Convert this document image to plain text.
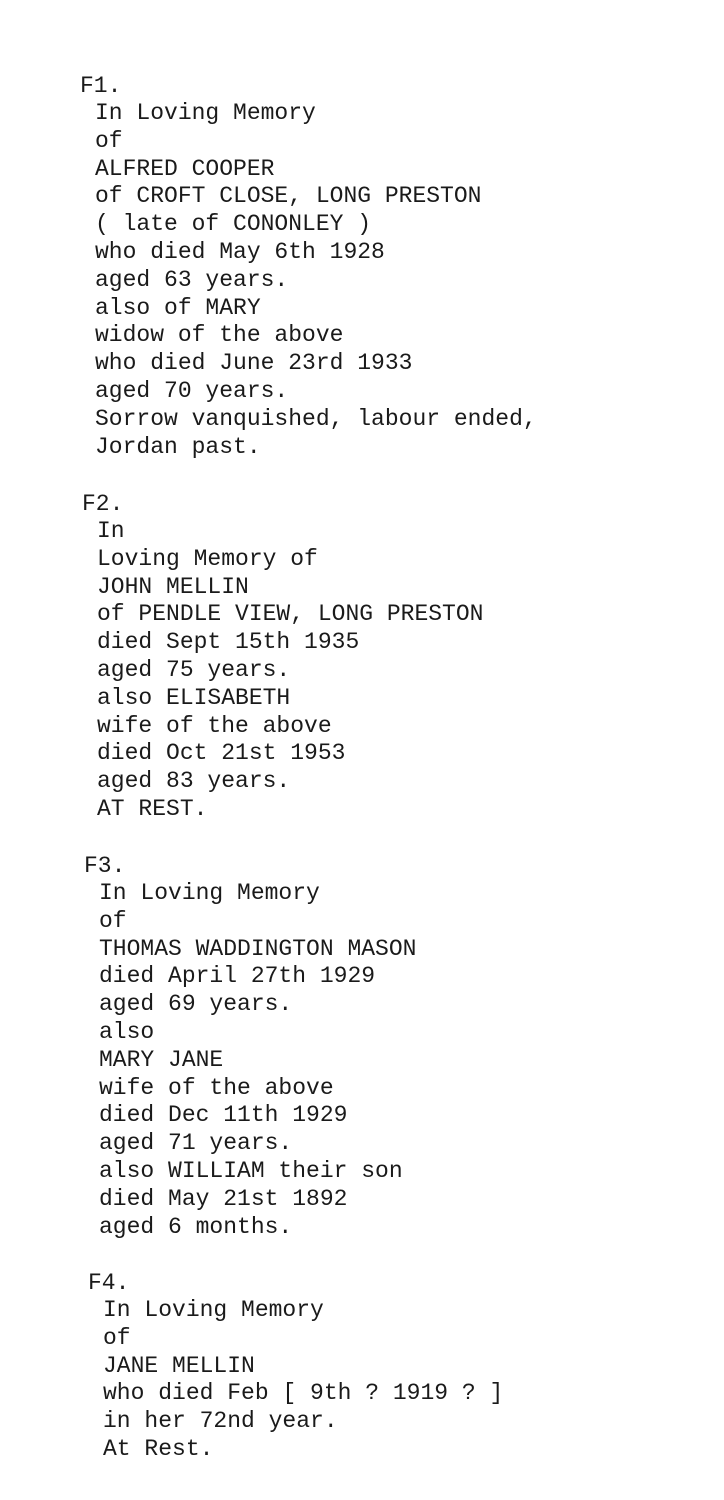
F1.
In Loving Memory
of
ALFRED COOPER
of CROFT CLOSE, LONG PRESTON
( late of CONONLEY )
who died May 6th 1928
aged 63 years.
also of MARY
widow of the above
who died June 23rd 1933
aged 70 years.
Sorrow vanquished, labour ended,
Jordan past.
F2.
In
Loving Memory of
JOHN MELLIN
of PENDLE VIEW, LONG PRESTON
died Sept 15th 1935
aged 75 years.
also ELISABETH
wife of the above
died Oct 21st 1953
aged 83 years.
AT REST.
F3.
In Loving Memory
of
THOMAS WADDINGTON MASON
died April 27th 1929
aged 69 years.
also
MARY JANE
wife of the above
died Dec 11th 1929
aged 71 years.
also WILLIAM their son
died May 21st 1892
aged 6 months.
F4.
In Loving Memory
of
JANE MELLIN
who died Feb [ 9th ? 1919 ? ]
in her 72nd year.
At Rest.
